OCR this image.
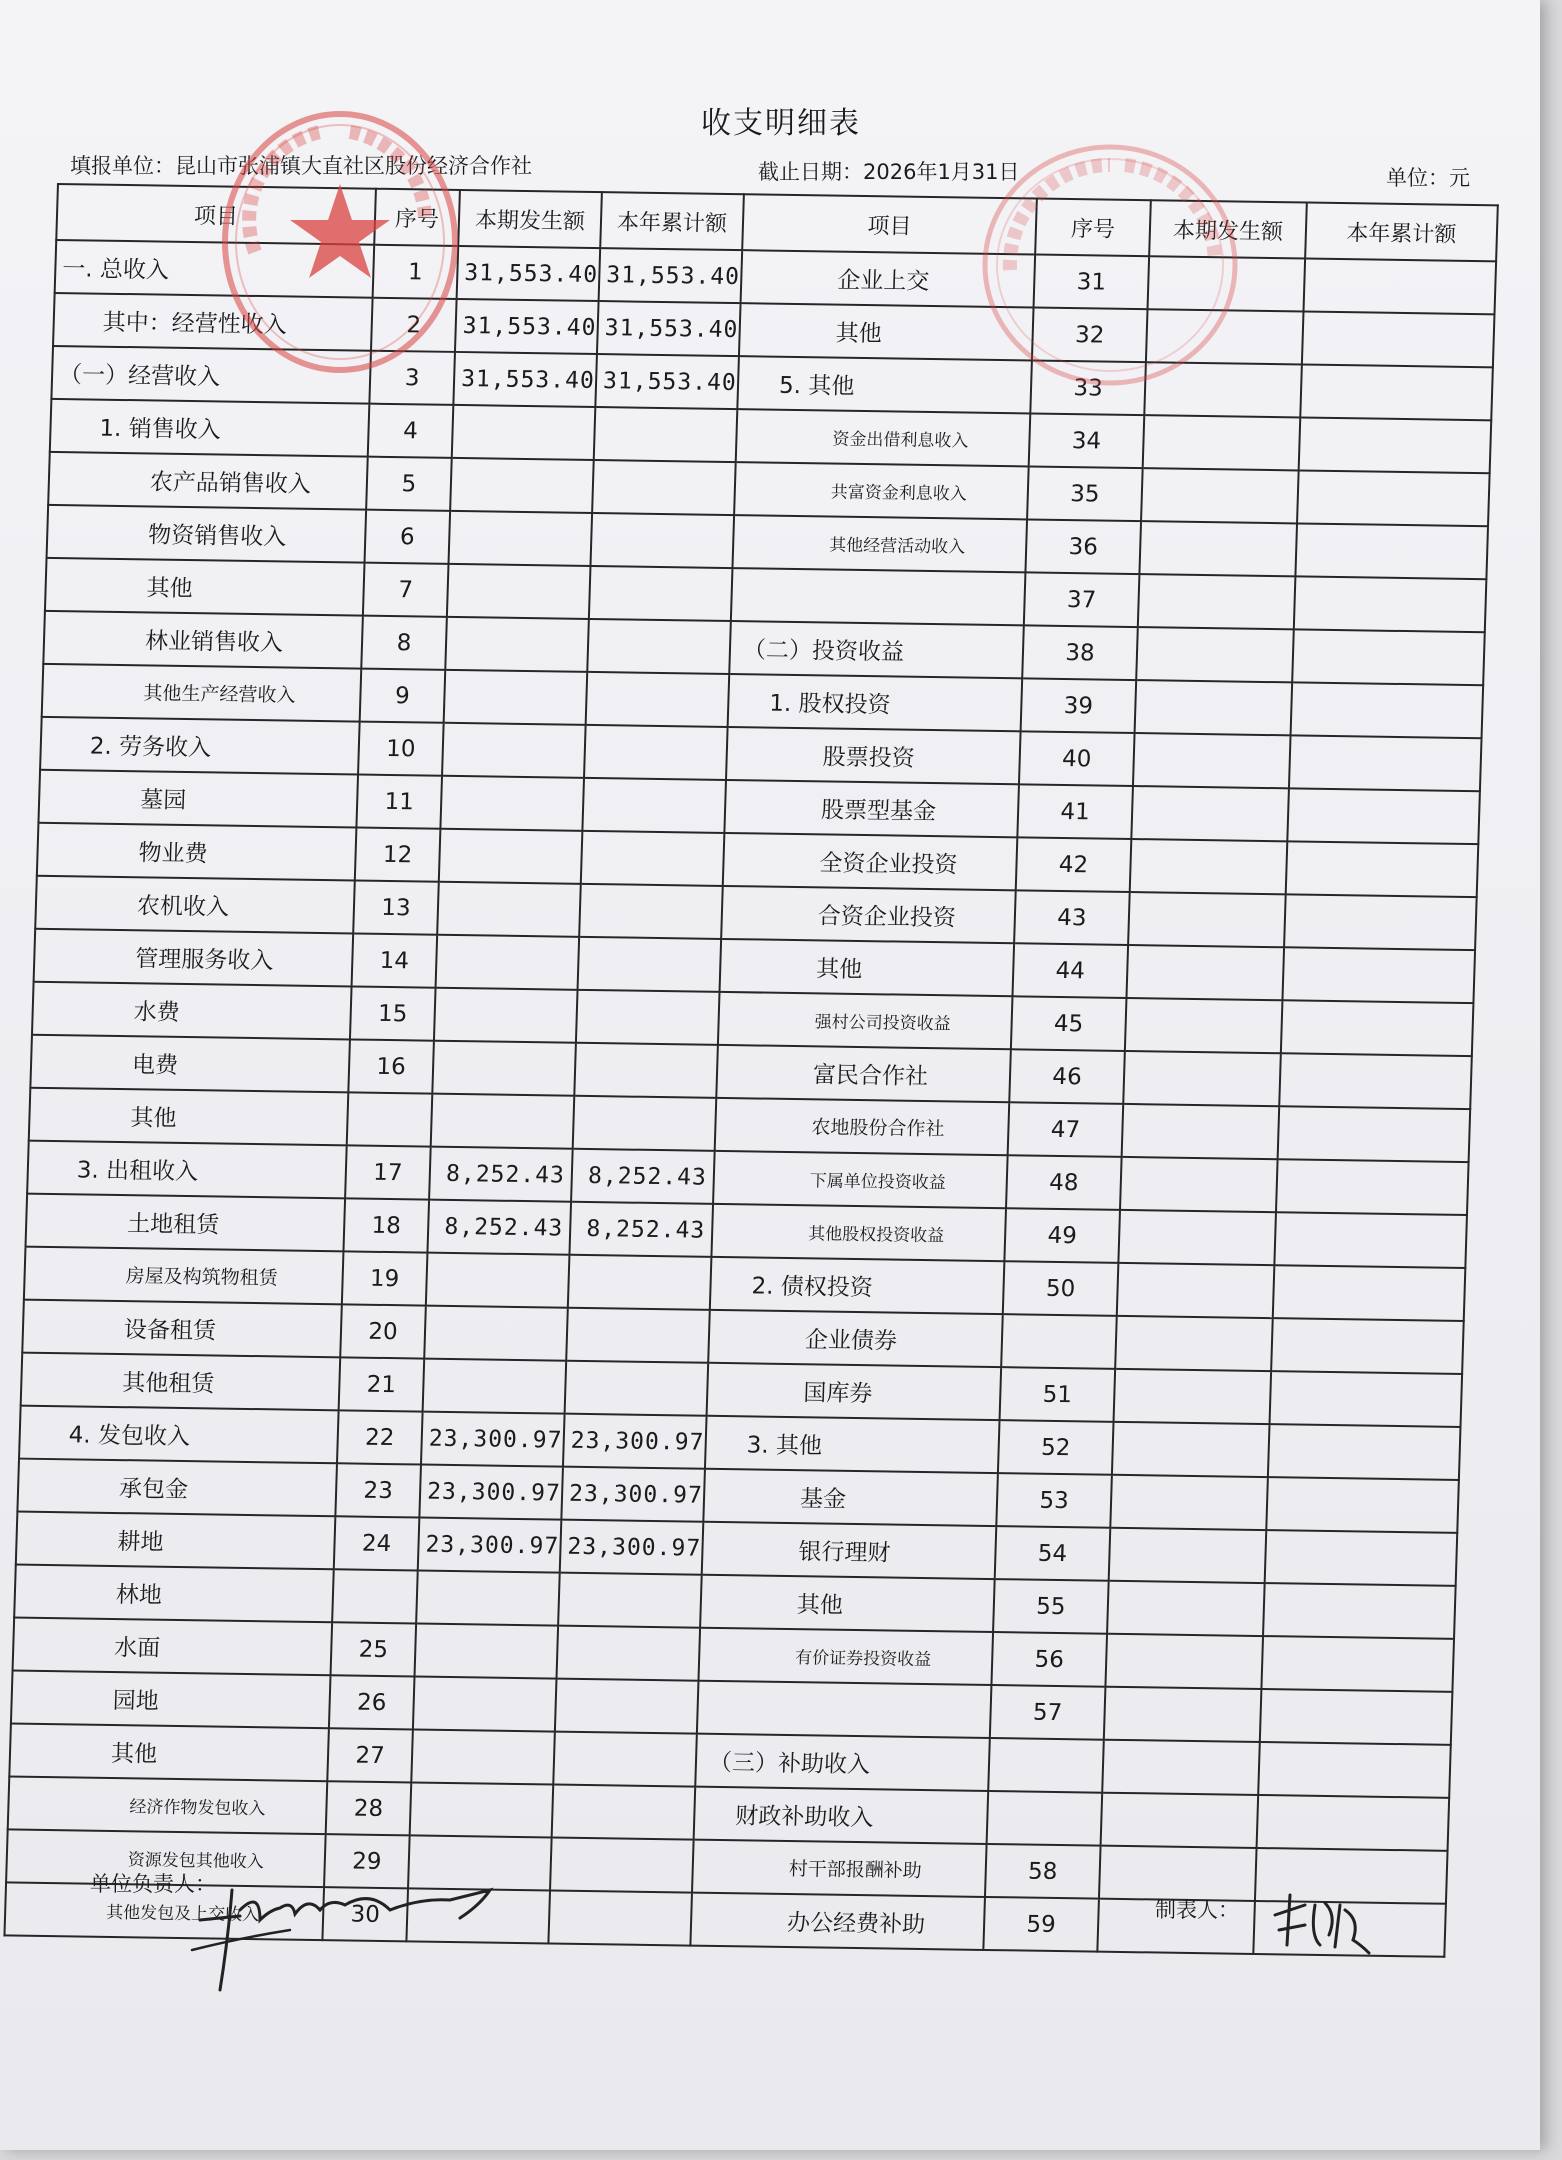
收支明细表
填报单位：昆山市张浦镇大直社区股份经济合作社	截止日期：2026年1月31日	单位：元
项目	序号	本期发生额	本年累计额	项目	序号	本期发生额	本年累计额
一. 总收入	1	31,553.40	31,553.40	企业上交	31		
其中：经营性收入	2	31,553.40	31,553.40	其他	32		
（一）经营收入	3	31,553.40	31,553.40	5. 其他	33		
1. 销售收入	4			资金出借利息收入	34		
农产品销售收入	5			共富资金利息收入	35		
物资销售收入	6			其他经营活动收入	36		
其他	7				37		
林业销售收入	8			（二）投资收益	38		
其他生产经营收入	9			1. 股权投资	39		
2. 劳务收入	10			股票投资	40		
墓园	11			股票型基金	41		
物业费	12			全资企业投资	42		
农机收入	13			合资企业投资	43		
管理服务收入	14			其他	44		
水费	15			强村公司投资收益	45		
电费	16			富民合作社	46		
其他				农地股份合作社	47		
3. 出租收入	17	8,252.43	8,252.43	下属单位投资收益	48		
土地租赁	18	8,252.43	8,252.43	其他股权投资收益	49		
房屋及构筑物租赁	19			2. 债权投资	50		
设备租赁	20			企业债券			
其他租赁	21			国库券	51		
4. 发包收入	22	23,300.97	23,300.97	3. 其他	52		
承包金	23	23,300.97	23,300.97	基金	53		
耕地	24	23,300.97	23,300.97	银行理财	54		
林地				其他	55		
水面	25			有价证券投资收益	56		
园地	26				57		
其他	27			（三）补助收入			
经济作物发包收入	28			财政补助收入			
资源发包其他收入	29			村干部报酬补助	58		
其他发包及上交收入	30			办公经费补助	59		
单位负责人：
制表人：
